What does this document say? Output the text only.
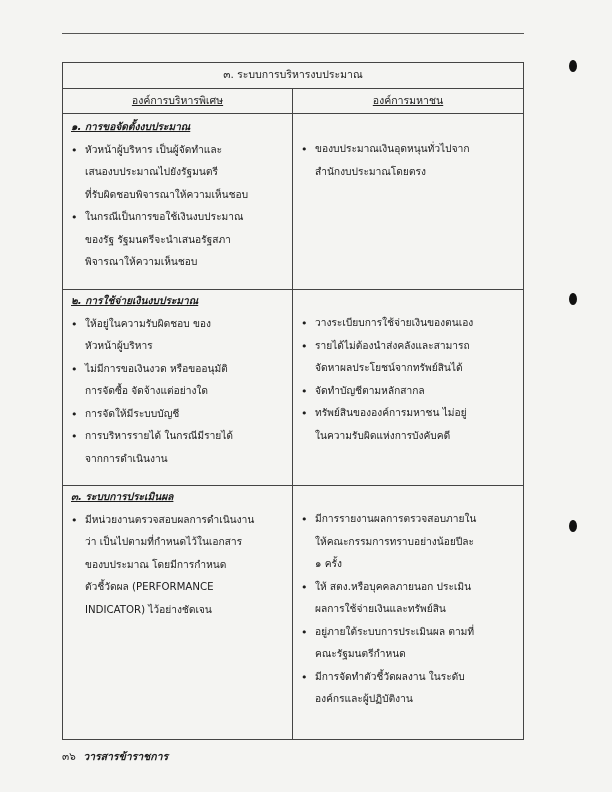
๓. ระบบการบริหารงบประมาณ
องค์การบริหารพิเศษ	องค์การมหาชน
๑. การขอจัดตั้งงบประมาณ
• หัวหน้าผู้บริหาร เป็นผู้จัดทำและ
เสนองบประมาณไปยังรัฐมนตรี
ที่รับผิดชอบพิจารณาให้ความเห็นชอบ
• ในกรณีเป็นการขอใช้เงินงบประมาณ
ของรัฐ รัฐมนตรีจะนำเสนอรัฐสภา
พิจารณาให้ความเห็นชอบ
• ของบประมาณเงินอุดหนุนทั่วไปจาก
สำนักงบประมาณโดยตรง
๒. การใช้จ่ายเงินงบประมาณ
• ให้อยู่ในความรับผิดชอบ ของ
หัวหน้าผู้บริหาร
• ไม่มีการขอเงินงวด หรือขออนุมัติ
การจัดซื้อ จัดจ้างแต่อย่างใด
• การจัดให้มีระบบบัญชี
• การบริหารรายได้ ในกรณีมีรายได้
จากการดำเนินงาน
• วางระเบียบการใช้จ่ายเงินของตนเอง
• รายได้ไม่ต้องนำส่งคลังและสามารถ
จัดหาผลประโยชน์จากทรัพย์สินได้
• จัดทำบัญชีตามหลักสากล
• ทรัพย์สินขององค์การมหาชน ไม่อยู่
ในความรับผิดแห่งการบังคับคดี
๓. ระบบการประเมินผล
• มีหน่วยงานตรวจสอบผลการดำเนินงาน
ว่า เป็นไปตามที่กำหนดไว้ในเอกสาร
ของบประมาณ โดยมีการกำหนด
ตัวชี้วัดผล (PERFORMANCE
INDICATOR) ไว้อย่างชัดเจน
• มีการรายงานผลการตรวจสอบภายใน
ให้คณะกรรมการทราบอย่างน้อยปีละ
๑ ครั้ง
• ให้ สตง.หรือบุคคลภายนอก ประเมิน
ผลการใช้จ่ายเงินและทรัพย์สิน
• อยู่ภายใต้ระบบการประเมินผล ตามที่
คณะรัฐมนตรีกำหนด
• มีการจัดทำตัวชี้วัดผลงาน ในระดับ
องค์กรและผู้ปฏิบัติงาน
๓๖ วารสารข้าราชการ
